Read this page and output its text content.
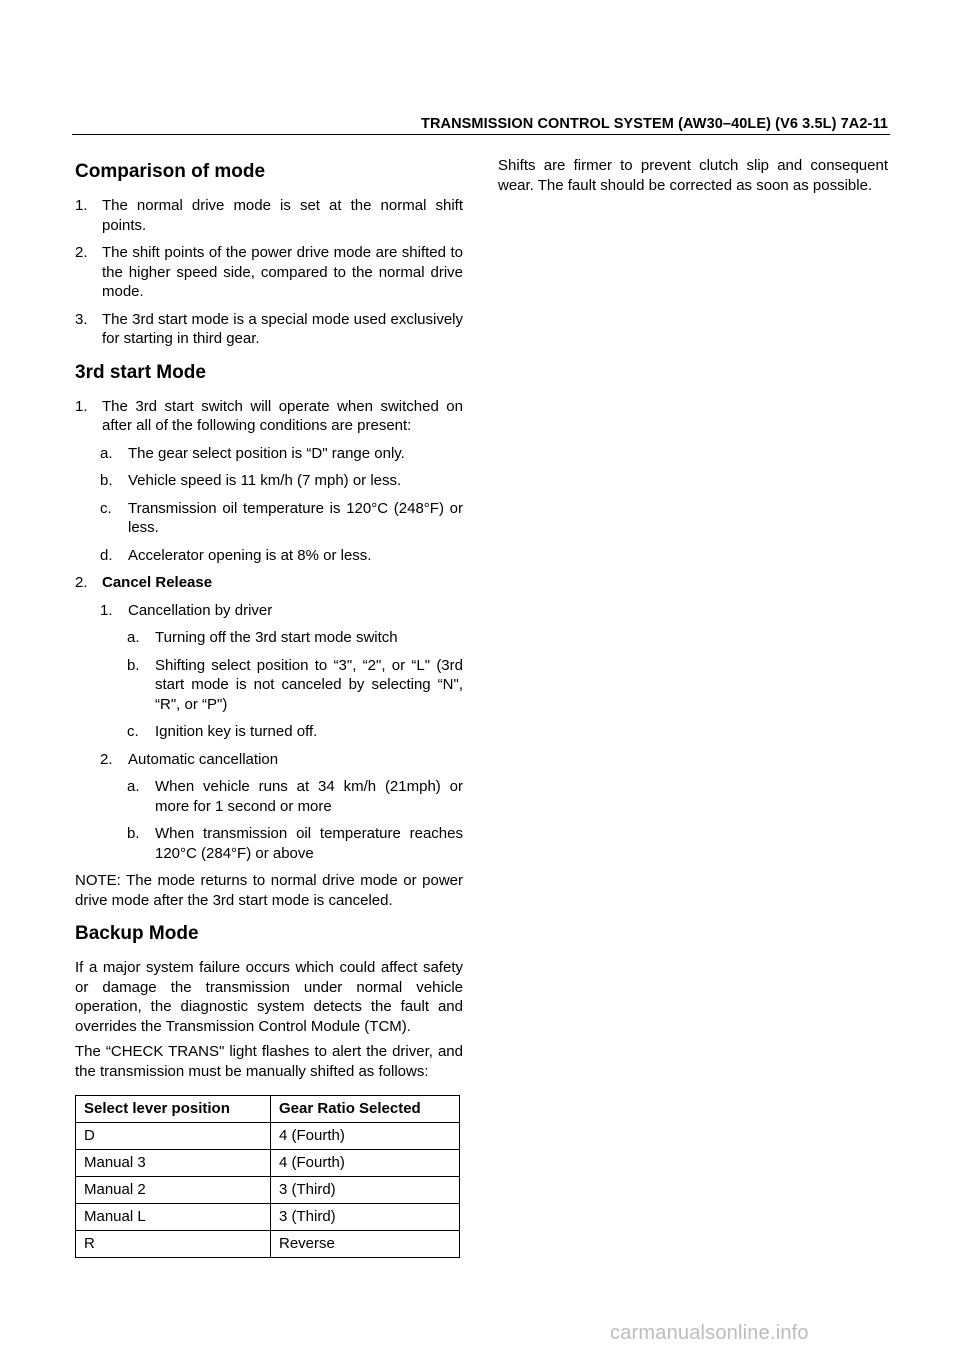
TRANSMISSION CONTROL SYSTEM (AW30–40LE) (V6 3.5L) 7A2-11
Comparison of mode
1. The normal drive mode is set at the normal shift points.
2. The shift points of the power drive mode are shifted to the higher speed side, compared to the normal drive mode.
3. The 3rd start mode is a special mode used exclusively for starting in third gear.
3rd start Mode
1. The 3rd start switch will operate when switched on after all of the following conditions are present:
a. The gear select position is “D" range only.
b. Vehicle speed is 11 km/h (7 mph) or less.
c. Transmission oil temperature is 120°C (248°F) or less.
d. Accelerator opening is at 8% or less.
2. Cancel Release
1. Cancellation by driver
a. Turning off the 3rd start mode switch
b. Shifting select position to “3", “2", or “L" (3rd start mode is not canceled by selecting “N", “R", or “P")
c. Ignition key is turned off.
2. Automatic cancellation
a. When vehicle runs at 34 km/h (21mph) or more for 1 second or more
b. When transmission oil temperature reaches 120°C (284°F) or above

NOTE: The mode returns to normal drive mode or power drive mode after the 3rd start mode is canceled.

Backup Mode

If a major system failure occurs which could affect safety or damage the transmission under normal vehicle operation, the diagnostic system detects the fault and overrides the Transmission Control Module (TCM).

The “CHECK TRANS" light flashes to alert the driver, and the transmission must be manually shifted as follows:

Select lever position	Gear Ratio Selected
D	4 (Fourth)
Manual 3	4 (Fourth)
Manual 2	3 (Third)
Manual L	3 (Third)
R	Reverse

Shifts are firmer to prevent clutch slip and consequent wear. The fault should be corrected as soon as possible.

carmanualsonline.info
